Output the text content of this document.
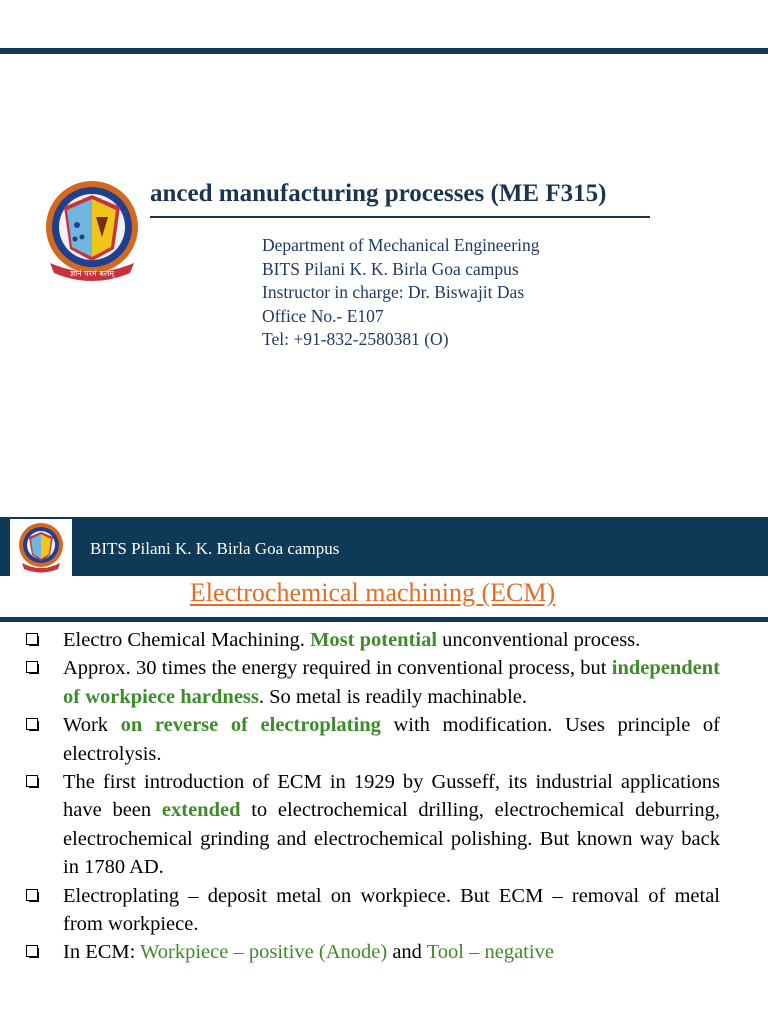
ज्ञानं परमं बलम्
anced manufacturing processes (ME F315)
Department of Mechanical Engineering
BITS Pilani K. K. Birla Goa campus
Instructor in charge: Dr. Biswajit Das
Office No.- E107
Tel: +91-832-2580381 (O)
BITS Pilani K. K. Birla Goa campus
Electrochemical machining (ECM)
Electro Chemical Machining. Most potential unconventional process.
Approx. 30 times the energy required in conventional process, but independent of workpiece hardness. So metal is readily machinable.
Work on reverse of electroplating with modification. Uses principle of electrolysis.
The first introduction of ECM in 1929 by Gusseff, its industrial applications have been extended to electrochemical drilling, electrochemical deburring, electrochemical grinding and electrochemical polishing. But known way back in 1780 AD.
Electroplating – deposit metal on workpiece. But ECM – removal of metal from workpiece.
In ECM: Workpiece – positive (Anode) and Tool – negative
